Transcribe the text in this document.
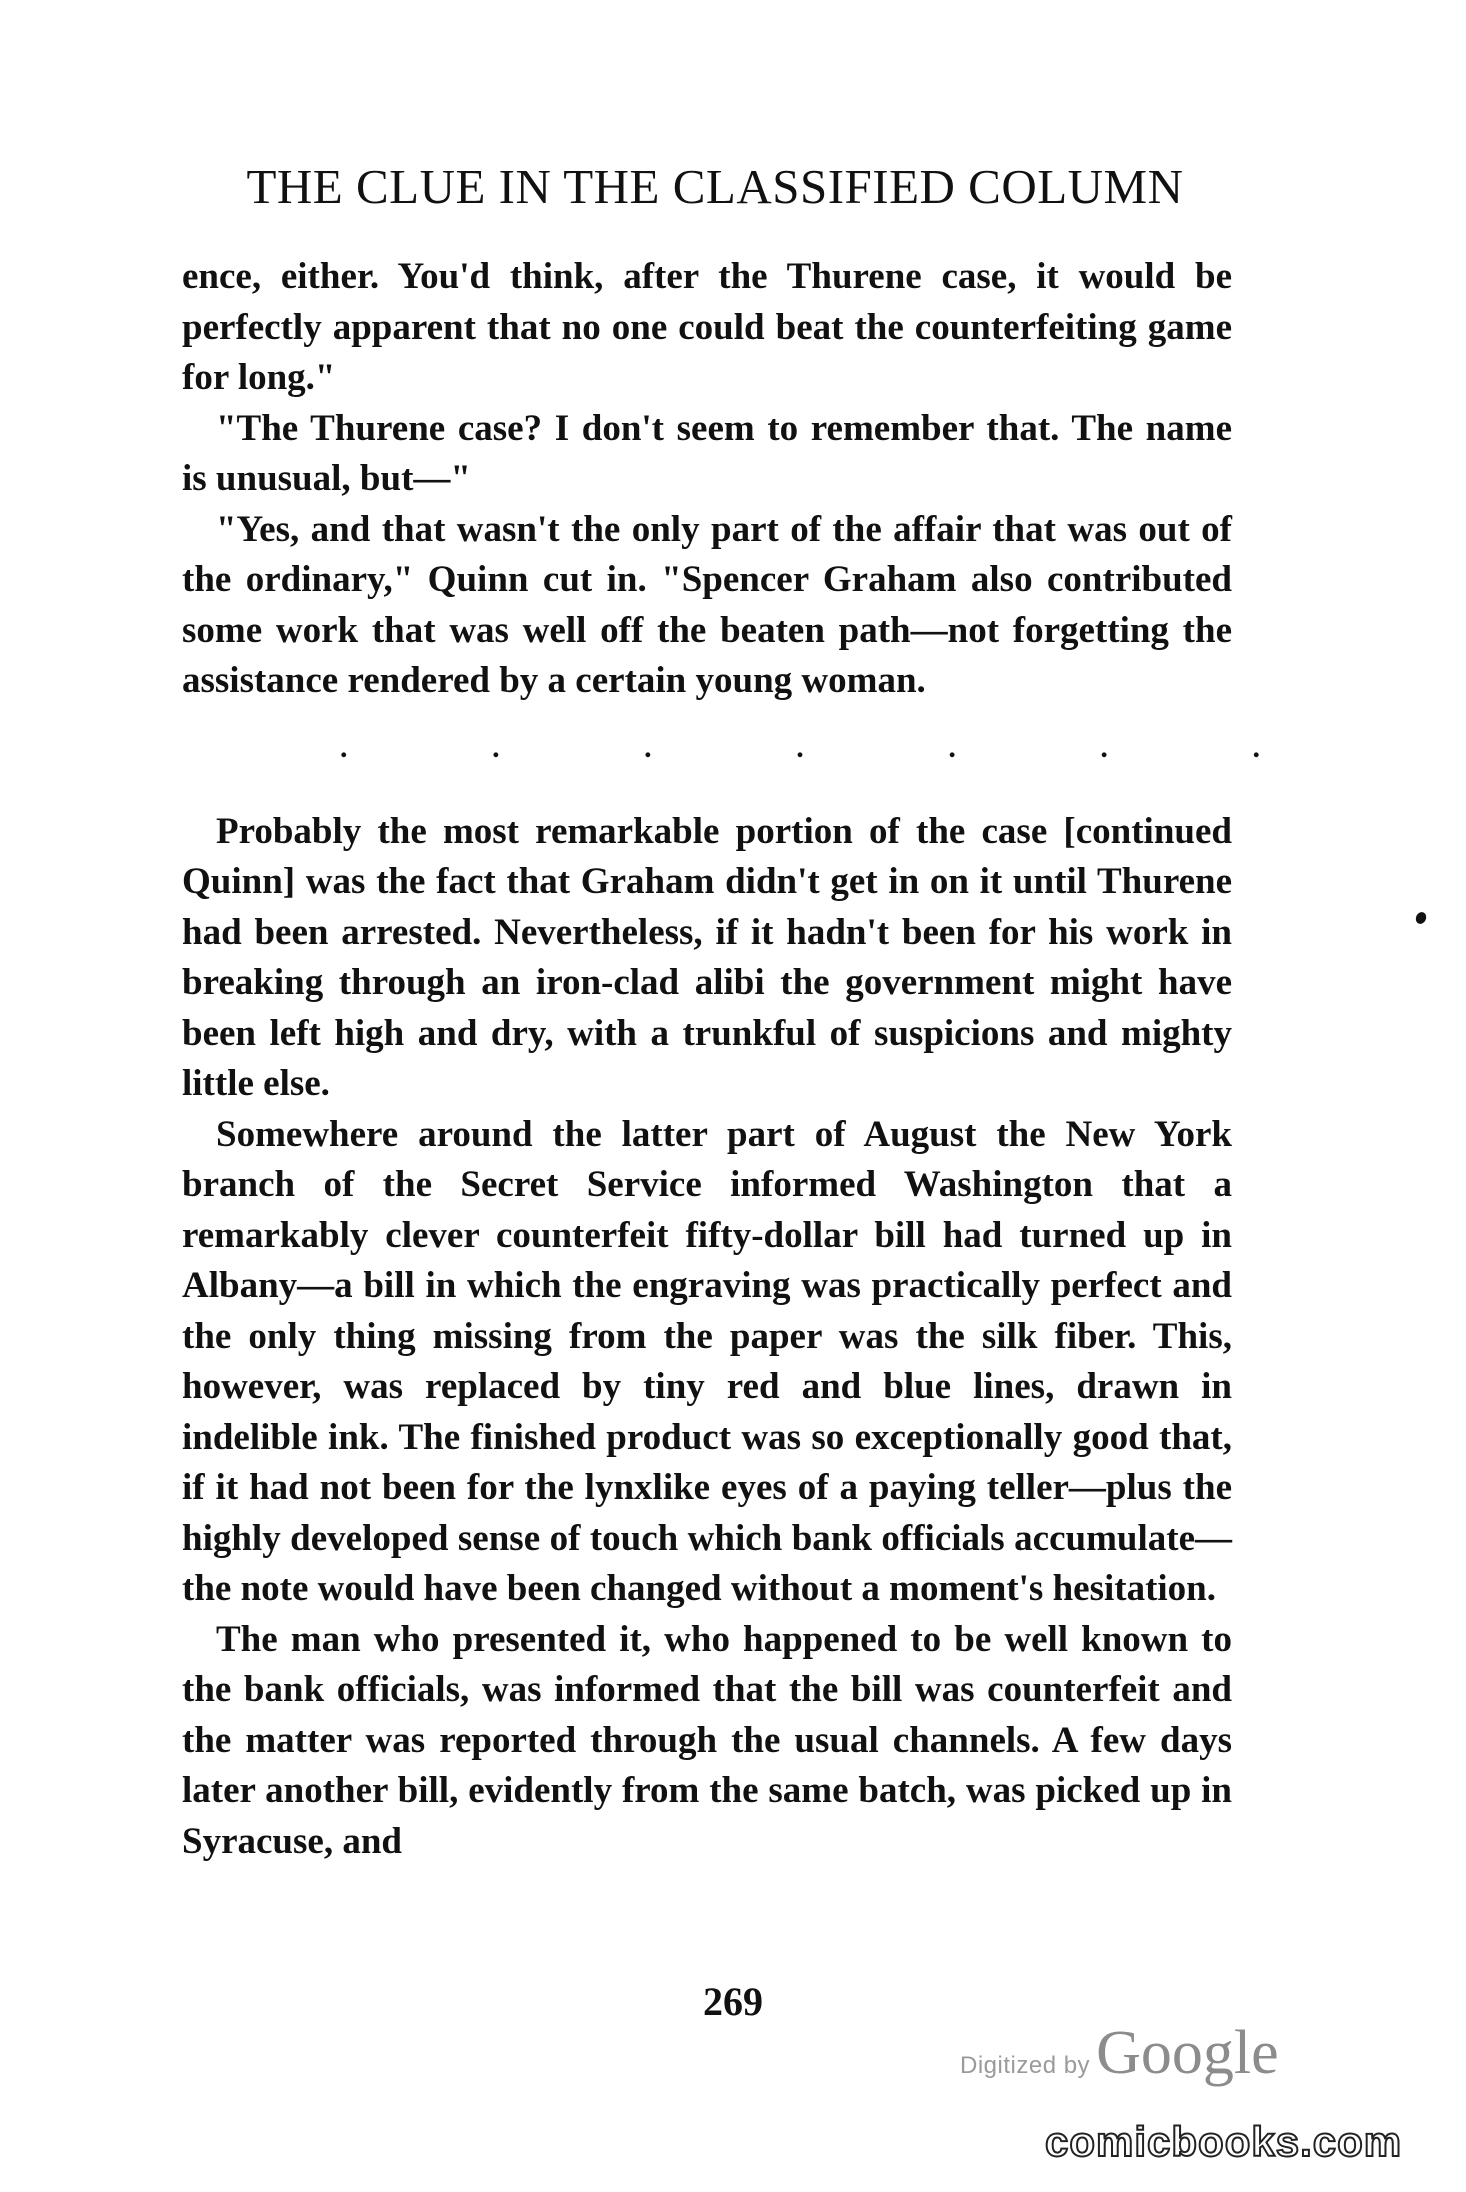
THE CLUE IN THE CLASSIFIED COLUMN

ence, either. You'd think, after the Thurene case, it would be perfectly apparent that no one could beat the counterfeiting game for long."

"The Thurene case? I don't seem to remember that. The name is unusual, but—"

"Yes, and that wasn't the only part of the affair that was out of the ordinary," Quinn cut in. "Spencer Graham also contributed some work that was well off the beaten path—not forgetting the assistance rendered by a certain young woman.

.	.	.	.	.	.	.

Probably the most remarkable portion of the case [continued Quinn] was the fact that Graham didn't get in on it until Thurene had been arrested. Nevertheless, if it hadn't been for his work in breaking through an iron-clad alibi the government might have been left high and dry, with a trunkful of suspicions and mighty little else.

Somewhere around the latter part of August the New York branch of the Secret Service informed Washington that a remarkably clever counterfeit fifty-dollar bill had turned up in Albany—a bill in which the engraving was practically perfect and the only thing missing from the paper was the silk fiber. This, however, was replaced by tiny red and blue lines, drawn in indelible ink. The finished product was so exceptionally good that, if it had not been for the lynxlike eyes of a paying teller—plus the highly developed sense of touch which bank officials accumulate—the note would have been changed without a moment's hesitation.

The man who presented it, who happened to be well known to the bank officials, was informed that the bill was counterfeit and the matter was reported through the usual channels. A few days later another bill, evidently from the same batch, was picked up in Syracuse, and

269
Digitized byGoogle
comicbooks.com
